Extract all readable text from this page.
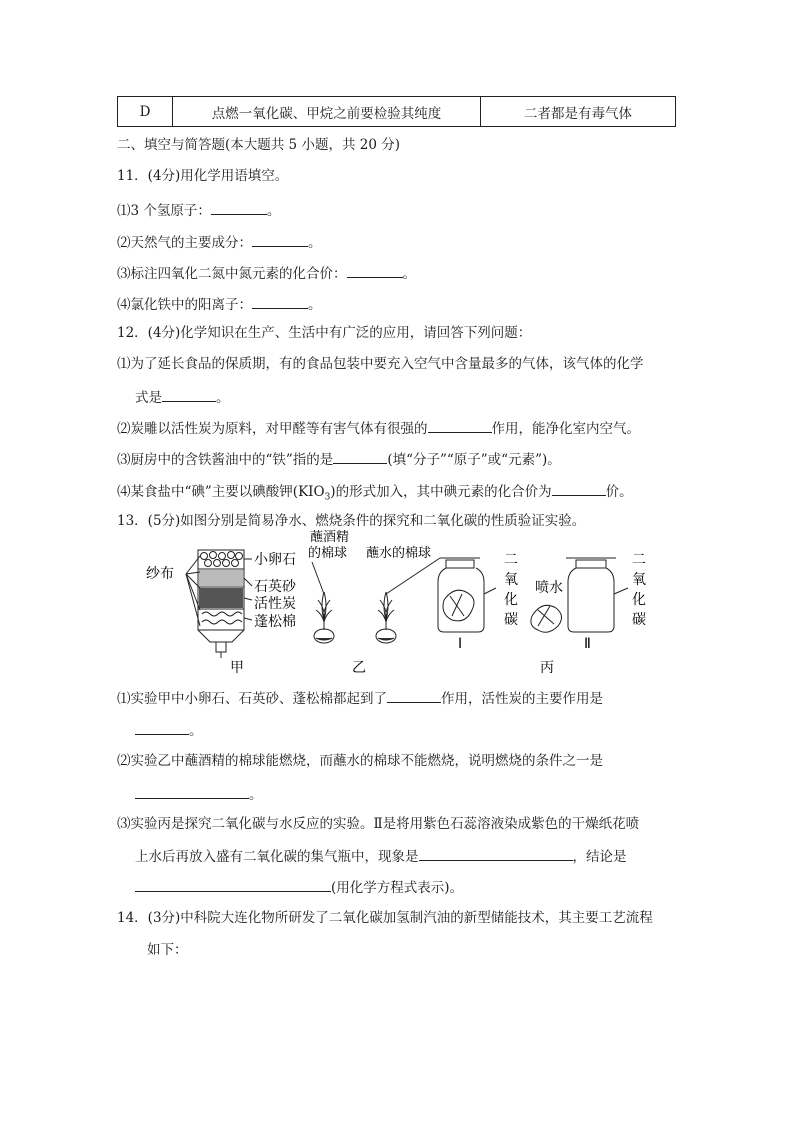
D	点燃一氧化碳、甲烷之前要检验其纯度	二者都是有毒气体
二、填空与简答题(本大题共 5 小题，共 20 分)
11．(4分)用化学用语填空。
⑴3 个氢原子：	。
⑵天然气的主要成分：	。
⑶标注四氧化二氮中氮元素的化合价：	。
⑷氯化铁中的阳离子：	。
12．(4分)化学知识在生产、生活中有广泛的应用，请回答下列问题：
⑴为了延长食品的保质期，有的食品包装中要充入空气中含量最多的气体，该气体的化学
式是	。
⑵炭雕以活性炭为原料，对甲醛等有害气体有很强的	作用，能净化室内空气。
⑶厨房中的含铁酱油中的“铁”指的是	(填“分子”“原子”或“元素”)。
⑷某食盐中“碘”主要以碘酸钾$(KIO_3)$的形式加入，其中碘元素的化合价为	价。
13．(5分)如图分别是简易净水、燃烧条件的探究和二氧化碳的性质验证实验。
纱布
小卵石
石英砂
活性炭
蓬松棉
蘸酒精
的棉球 蘸水的棉球	二
氧
化
碳
I
喷水
二
氧
化
碳
Ⅱ
甲	乙	丙
⑴实验甲中小卵石、石英砂、蓬松棉都起到了	作用，活性炭的主要作用是
。
⑵实验乙中蘸酒精的棉球能燃烧，而蘸水的棉球不能燃烧，说明燃烧的条件之一是
。
⑶实验丙是探究二氧化碳与水反应的实验。Ⅱ是将用紫色石蕊溶液染成紫色的干燥纸花喷
上水后再放入盛有二氧化碳的集气瓶中，现象是	，结论是
(用化学方程式表示)。
14．(3分)中科院大连化物所研发了二氧化碳加氢制汽油的新型储能技术，其主要工艺流程
如下：
